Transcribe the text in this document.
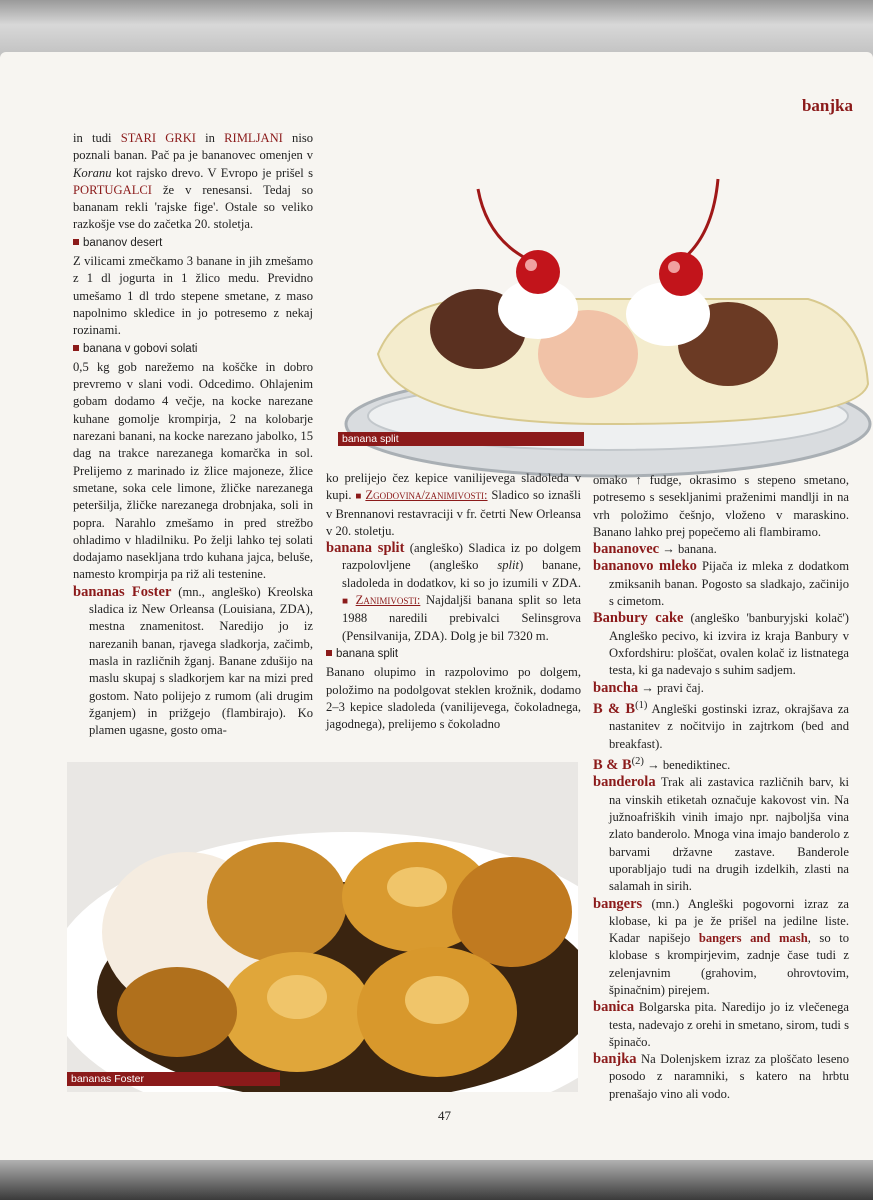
banjka

in tudi STARI GRKI in RIMLJANI niso poznali banan. Pač pa je bananovec omenjen v Koranu kot rajsko drevo. V Evropo je prišel s PORTUGALCI že v renesansi. Tedaj so bananam rekli 'rajske fige'. Ostale so veliko razkošje vse do začetka 20. stoletja.

bananov desert

Z vilicami zmečkamo 3 banane in jih zmešamo z 1 dl jogurta in 1 žlico medu. Previdno umešamo 1 dl trdo stepene smetane, z maso napolnimo skledice in jo potresemo z nekaj rozinami.

banana v gobovi solati

0,5 kg gob narežemo na koščke in dobro prevremo v slani vodi. Odcedimo. Ohlajenim gobam dodamo 4 večje, na kocke narezane kuhane gomolje krompirja, 2 na kolobarje narezani banani, na kocke narezano jabolko, 15 dag na trakce narezanega komarčka in sol. Prelijemo z marinado iz žlice majoneze, žlice smetane, soka cele limone, žličke narezanega peteršilja, žličke narezanega drobnjaka, soli in popra. Narahlo zmešamo in pred strežbo ohladimo v hladilniku. Po želji lahko tej solati dodajamo naseklјana trdo kuhana jajca, beluše, namesto krompirja pa riž ali testenine.

bananas Foster (mn., angleško) Kreolska sladica iz New Orleansa (Louisiana, ZDA), mestna znamenitost. Naredijo jo iz narezanih banan, rjavega sladkorja, začimb, masla in različnih žganj. Banane zdušijo na maslu skupaj s sladkorjem kar na mizi pred gostom. Nato polijejo z rumom (ali drugim žganjem) in prižgejo (flambirajo). Ko plamen ugasne, gosto oma-

banana split

ko prelijejo čez kepice vanilijevega sladoleda v kupi. ■ Zgodovina/zanimivosti: Sladico so iznašli v Brennanovi restavraciji v fr. četrti New Orleansa v 20. stoletju.

banana split (angleško) Sladica iz po dolgem razpolovljene (angleško split) banane, sladoleda in dodatkov, ki so jo izumili v ZDA. ■ Zanimivosti: Najdaljši banana split so leta 1988 naredili prebivalci Selinsgrova (Pensilvanija, ZDA). Dolg je bil 7320 m.

banana split

Banano olupimo in razpolovimo po dolgem, položimo na podolgovat steklen krožnik, dodamo 2–3 kepice sladoleda (vanilijevega, čokoladnega, jagodnega), prelijemo s čokoladno

omako ↑ fudge, okrasimo s stepeno smetano, potresemo s sesekljanimi praženimi mandlji in na vrh položimo češnjo, vloženo v maraskino. Banano lahko prej popečemo ali flambiramo.

bananovec → banana.

bananovo mleko Pijača iz mleka z dodatkom zmiksanih banan. Pogosto sa sladkajo, začinijo s cimetom.

Banbury cake (angleško 'banburyjski kolač') Angleško pecivo, ki izvira iz kraja Banbury v Oxfordshiru: ploščat, ovalen kolač iz listnatega testa, ki ga nadevajo s suhim sadjem.

bancha → pravi čaj.

B & $B^{(1)}$ Angleški gostinski izraz, okrajšava za nastanitev z nočitvijo in zajtrkom (bed and breakfast).

B & $B^{(2)}$ → benediktinec.

banderola Trak ali zastavica različnih barv, ki na vinskih etiketah označuje kakovost vin. Na južnoafriških vinih imajo npr. najboljša vina zlato banderolo. Mnoga vina imajo banderolo z barvami državne zastave. Banderole uporabljajo tudi na drugih izdelkih, zlasti na salamah in sirih.

bangers (mn.) Angleški pogovorni izraz za klobase, ki pa je že prišel na jedilne liste. Kadar napišejo bangers and mash, so to klobase s krompirjevim, zadnje čase tudi z zelenjavnim (grahovim, ohrovtovim, špinačnim) pirejem.

banica Bolgarska pita. Naredijo jo iz vlečenega testa, nadevajo z orehi in smetano, sirom, tudi s špinačo.

banjka Na Dolenjskem izraz za ploščato leseno posodo z naramniki, s katero na hrbtu prenašajo vino ali vodo.

bananas Foster
47
